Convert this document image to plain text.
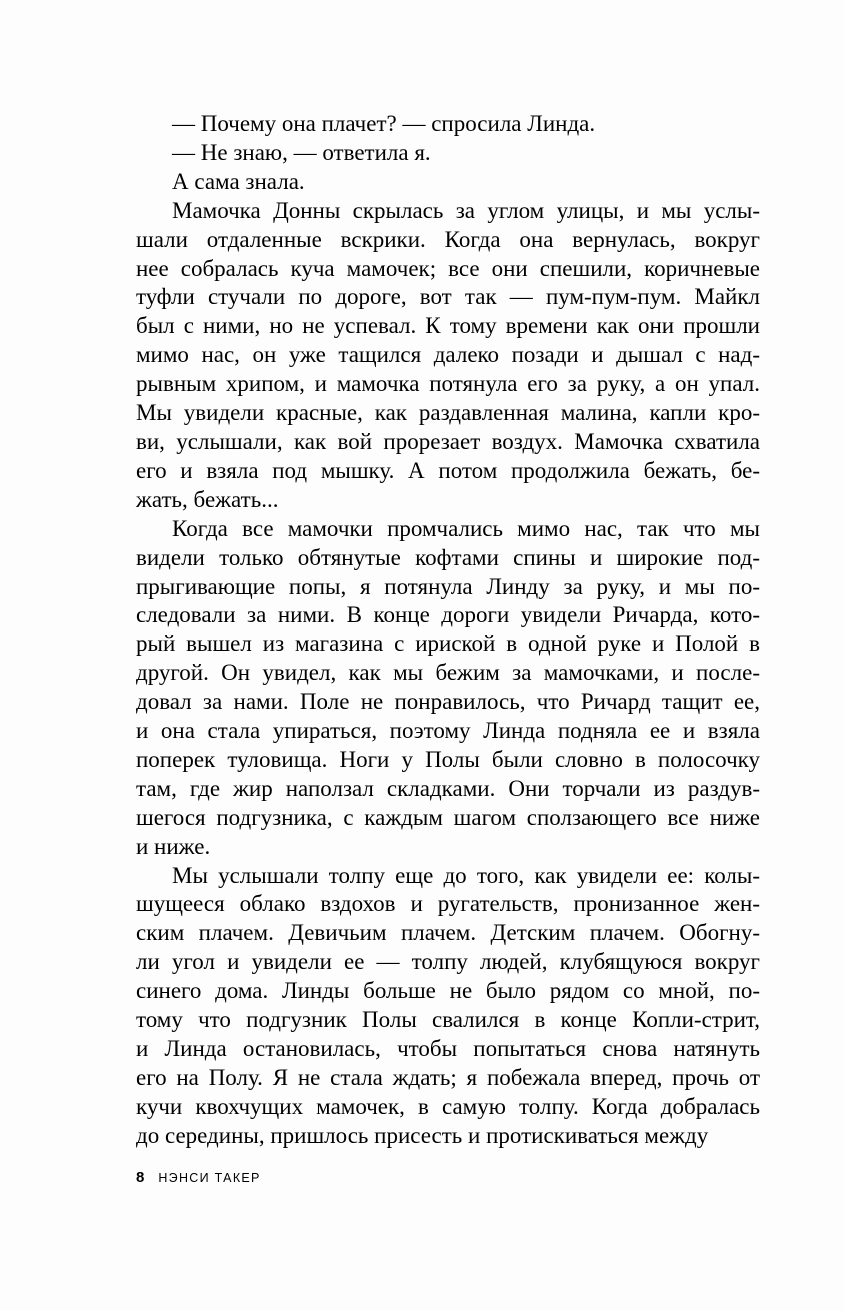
— Почему она плачет? — спросила Линда.

— Не знаю, — ответила я.

А сама знала.

Мамочка Донны скрылась за углом улицы, и мы услы-
шали отдаленные вскрики. Когда она вернулась, вокруг
нее собралась куча мамочек; все они спешили, коричневые
туфли стучали по дороге, вот так — пум-пум-пум. Майкл
был с ними, но не успевал. К тому времени как они прошли
мимо нас, он уже тащился далеко позади и дышал с над-
рывным хрипом, и мамочка потянула его за руку, а он упал.
Мы увидели красные, как раздавленная малина, капли кро-
ви, услышали, как вой прорезает воздух. Мамочка схватила
его и взяла под мышку. А потом продолжила бежать, бе-
жать, бежать...

Когда все мамочки промчались мимо нас, так что мы
видели только обтянутые кофтами спины и широкие под-
прыгивающие попы, я потянула Линду за руку, и мы по-
следовали за ними. В конце дороги увидели Ричарда, кото-
рый вышел из магазина с ириской в одной руке и Полой в
другой. Он увидел, как мы бежим за мамочками, и после-
довал за нами. Поле не понравилось, что Ричард тащит ее,
и она стала упираться, поэтому Линда подняла ее и взяла
поперек туловища. Ноги у Полы были словно в полосочку
там, где жир наползал складками. Они торчали из раздув-
шегося подгузника, с каждым шагом сползающего все ниже
и ниже.

Мы услышали толпу еще до того, как увидели ее: колы-
шущееся облако вздохов и ругательств, пронизанное жен-
ским плачем. Девичьим плачем. Детским плачем. Обогну-
ли угол и увидели ее — толпу людей, клубящуюся вокруг
синего дома. Линды больше не было рядом со мной, по-
тому что подгузник Полы свалился в конце Копли-стрит,
и Линда остановилась, чтобы попытаться снова натянуть
его на Полу. Я не стала ждать; я побежала вперед, прочь от
кучи квохчущих мамочек, в самую толпу. Когда добралась
до середины, пришлось присесть и протискиваться между

8 НЭНСИ ТАКЕР
